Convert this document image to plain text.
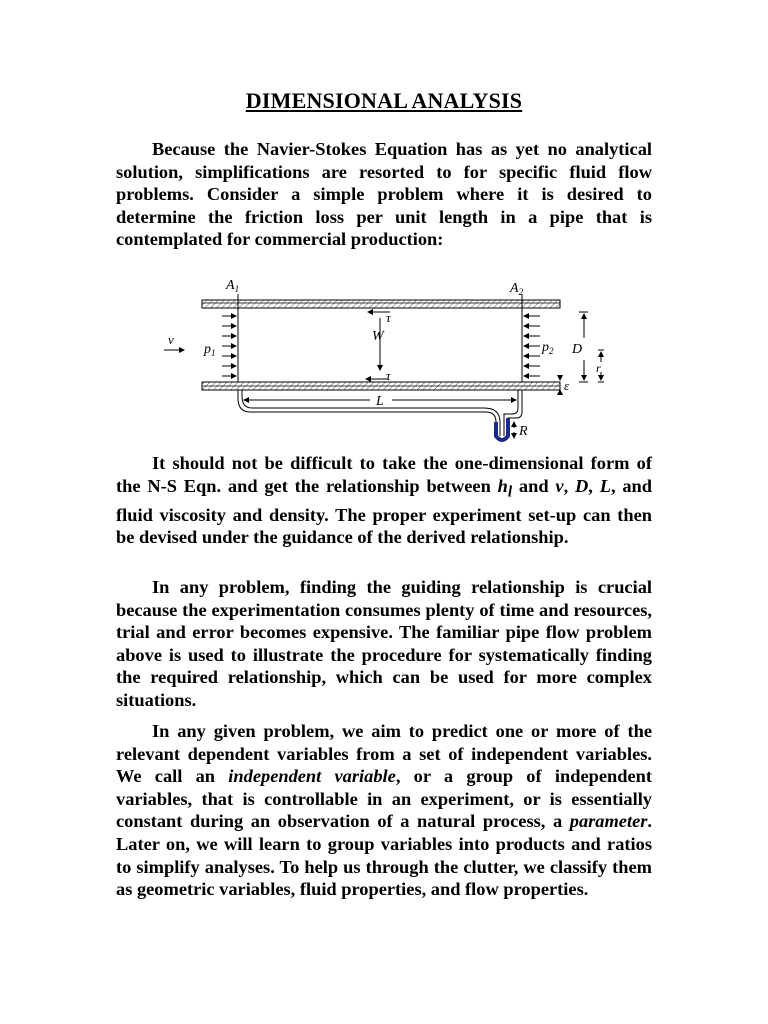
DIMENSIONAL ANALYSIS

Because the Navier-Stokes Equation has as yet no analytical solution, simplifications are resorted to for specific fluid flow problems. Consider a simple problem where it is desired to determine the friction loss per unit length in a pipe that is contemplated for commercial production:

τ
τ
W
v
$A_1$	$A_2$
$p_1$	$p_2$ D
r
ε
L
R

It should not be difficult to take the one-dimensional form of the N-S Eqn. and get the relationship between $h_l$ and v, D, L, and fluid viscosity and density. The proper experiment set-up can then be devised under the guidance of the derived relationship.

In any problem, finding the guiding relationship is crucial because the experimentation consumes plenty of time and resources, trial and error becomes expensive. The familiar pipe flow problem above is used to illustrate the procedure for systematically finding the required relationship, which can be used for more complex situations.

In any given problem, we aim to predict one or more of the relevant dependent variables from a set of independent variables. We call an independent variable, or a group of independent variables, that is controllable in an experiment, or is essentially constant during an observation of a natural process, a parameter. Later on, we will learn to group variables into products and ratios to simplify analyses. To help us through the clutter, we classify them as geometric variables, fluid properties, and flow properties.
